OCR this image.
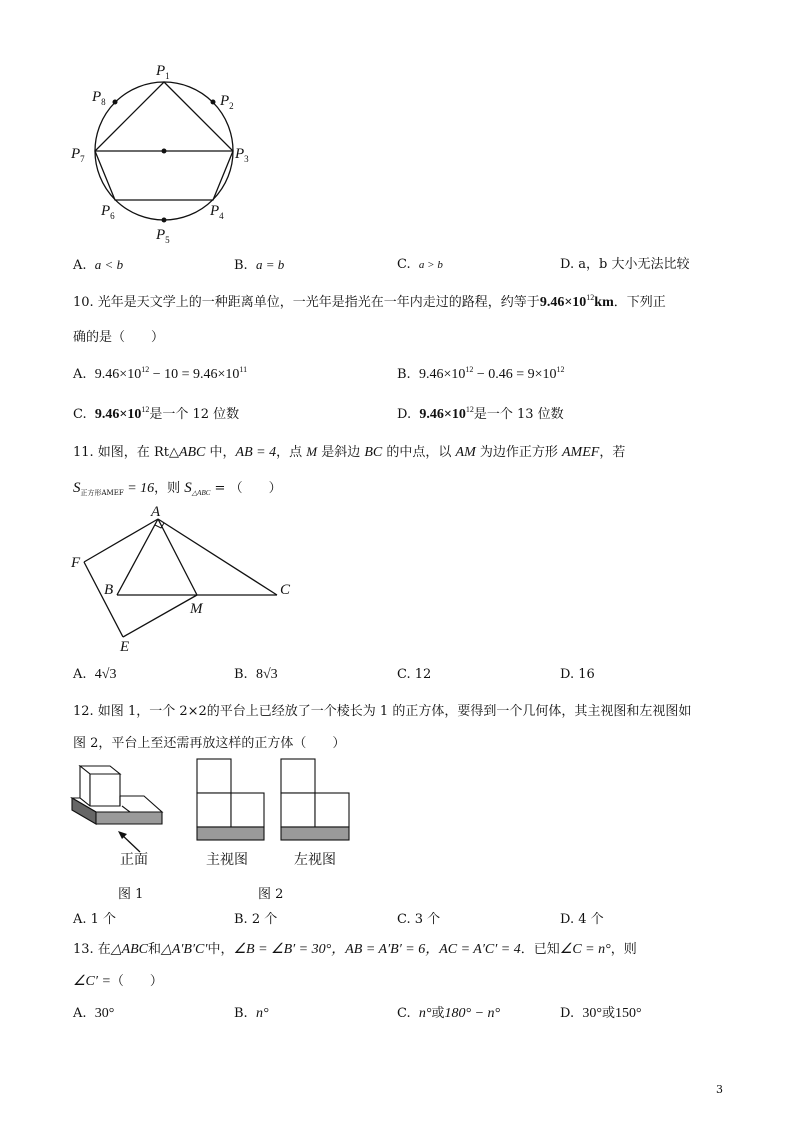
$P_1$
$P_2$
$P_3$
$P_4$
$P_5$
$P_6$
$P_7$
$P_8$
A. a < b	B. a = b	C. a > b	D. a，b 大小无法比较
10. 光年是天文学上的一种距离单位，一光年是指光在一年内走过的路程，约等于$9.46\times 10^{12}km$．下列正
确的是（　　）
A. $9.46\times 10^{12} - 10 = 9.46\times 10^{11}$	B. $9.46\times 10^{12} - 0.46 = 9\times 10^{12}$
C. $9.46\times 10^{12}$是一个 12 位数	D. $9.46\times 10^{12}$是一个 13 位数
11. 如图，在 Rt△ABC 中，AB = 4，点 M 是斜边 BC 的中点，以 AM 为边作正方形 AMEF，若
$S_{正方形AMEF} = 16$，则 $S_{\triangle ABC}$ = （　　）
A
F
B	C
M
E
A. 4√3	B. 8√3	C. 12	D. 16
12. 如图 1，一个 2×2的平台上已经放了一个棱长为 1 的正方体，要得到一个几何体，其主视图和左视图如
图 2，平台上至还需再放这样的正方体（　　）
正面
图 1
主视图	左视图
图 2
A. 1 个	B. 2 个	C. 3 个	D. 4 个
13. 在△ABC和△A′B′C′中，∠B = ∠B′ = 30°，AB = A′B′ = 6，AC = A′C′ = 4．已知∠C = n°，则
∠C′ =（　　）
A. 30°	B. n°	C. n°或180° − n°	D. 30°或150°
3
